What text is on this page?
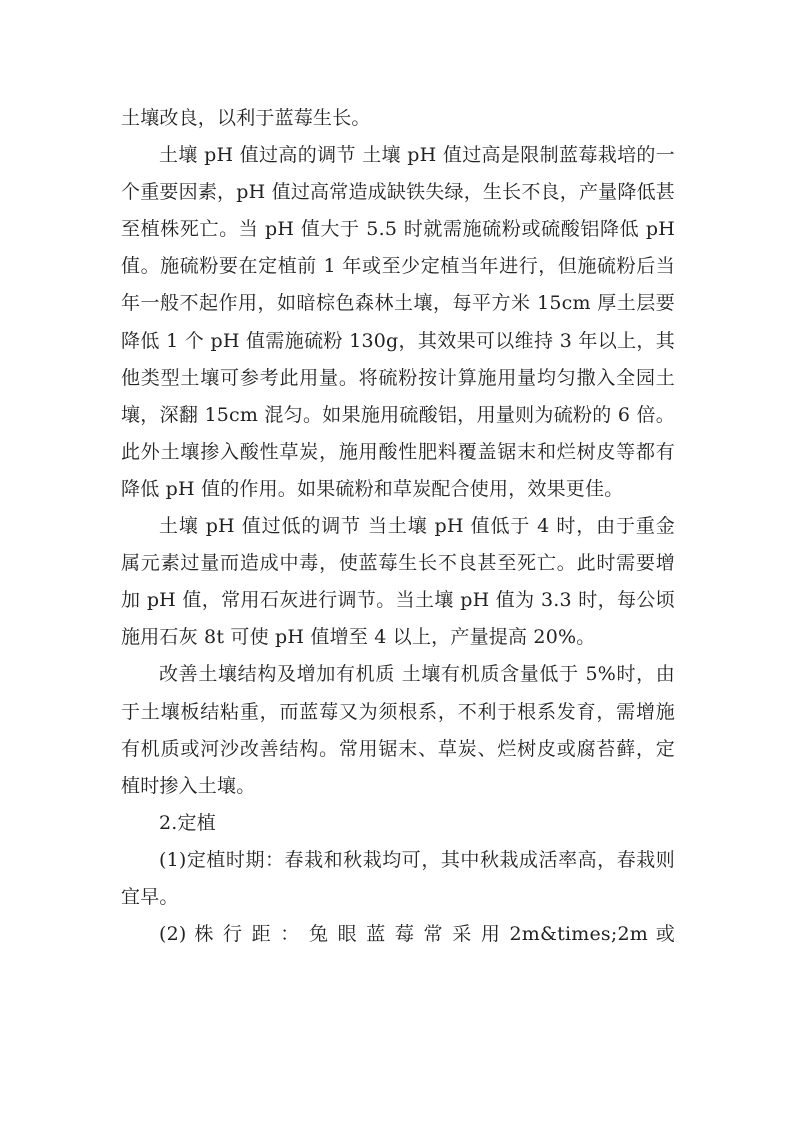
土壤改良，以利于蓝莓生长。

土壤 pH 值过高的调节 土壤 pH 值过高是限制蓝莓栽培的一个重要因素，pH 值过高常造成缺铁失绿，生长不良，产量降低甚至植株死亡。当 pH 值大于 5.5 时就需施硫粉或硫酸铝降低 pH 值。施硫粉要在定植前 1 年或至少定植当年进行，但施硫粉后当年一般不起作用，如暗棕色森林土壤，每平方米 15cm 厚土层要降低 1 个 pH 值需施硫粉 130g，其效果可以维持 3 年以上，其他类型土壤可参考此用量。将硫粉按计算施用量均匀撒入全园土壤，深翻 15cm 混匀。如果施用硫酸铝，用量则为硫粉的 6 倍。此外土壤掺入酸性草炭，施用酸性肥料覆盖锯末和烂树皮等都有降低 pH 值的作用。如果硫粉和草炭配合使用，效果更佳。

土壤 pH 值过低的调节 当土壤 pH 值低于 4 时，由于重金属元素过量而造成中毒，使蓝莓生长不良甚至死亡。此时需要增加 pH 值，常用石灰进行调节。当土壤 pH 值为 3.3 时，每公顷施用石灰 8t 可使 pH 值增至 4 以上，产量提高 20%。

改善土壤结构及增加有机质 土壤有机质含量低于 5%时，由于土壤板结粘重，而蓝莓又为须根系，不利于根系发育，需增施有机质或河沙改善结构。常用锯末、草炭、烂树皮或腐苔藓，定植时掺入土壤。

2.定植

(1)定植时期：春栽和秋栽均可，其中秋栽成活率高，春栽则宜早。

(2) 株 行 距 ： 兔 眼 蓝 莓 常 采 用 2m&times;2m 或
